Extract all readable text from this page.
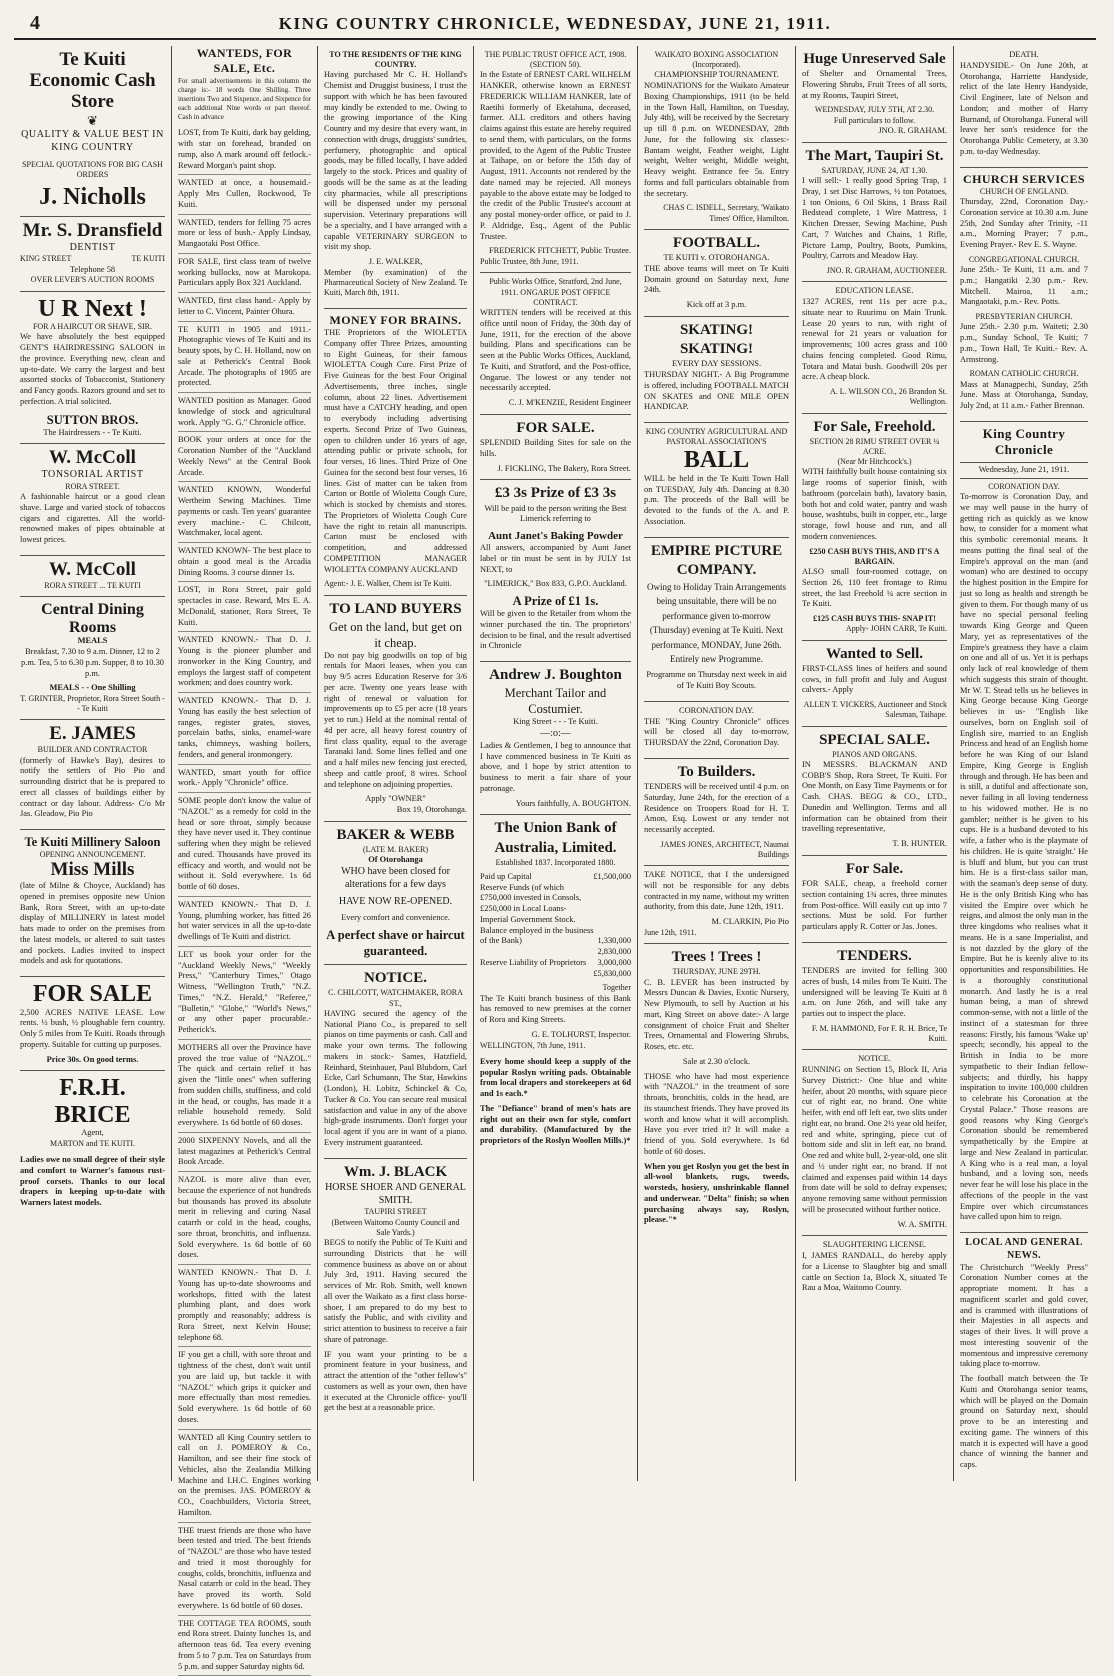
4	KING COUNTRY CHRONICLE, WEDNESDAY, JUNE 21, 1911.
Te Kuiti
Economic Cash Store
❦
QUALITY & VALUE BEST IN KING COUNTRY
SPECIAL QUOTATIONS FOR BIG CASH ORDERS
J. Nicholls
Mr. S. Dransfield
DENTIST
KING STREET	TE KUITI
Telephone 58
OVER LEVER'S AUCTION ROOMS
U R Next !
FOR A HAIRCUT OR SHAVE, SIR.

We have absolutely the best equipped GENT'S HAIRDRESSING SALOON in the province. Everything new, clean and up-to-date. We carry the largest and best assorted stocks of Tobacconist, Stationery and Fancy goods. Razors ground and set to perfection. A trial solicited.

SUTTON BROS.
The Hairdressers - - Te Kuiti.
W. McColl
TONSORIAL ARTIST
RORA STREET.

A fashionable haircut or a good clean shave. Large and varied stock of tobaccos cigars and cigarettes. All the world-renowned makes of pipes obtainable at lowest prices.

W. McColl
RORA STREET ... TE KUITI
Central Dining Rooms
MEALS

Breakfast, 7.30 to 9 a.m. Dinner, 12 to 2 p.m. Tea, 5 to 6.30 p.m. Supper, 8 to 10.30 p.m.

MEALS - - One Shilling
T. GRINTER, Proprietor, Rora Street South - - Te Kuiti
E. JAMES
BUILDER AND CONTRACTOR

(formerly of Hawke's Bay), desires to notify the settlers of Pio Pio and surrounding district that he is prepared to erect all classes of buildings either by contract or day labour. Address- C/o Mr Jas. Gleadow, Pio Pio

Te Kuiti Millinery Saloon
OPENING ANNOUNCEMENT.
Miss Mills

(late of Milne & Choyce, Auckland) has opened in premises opposite new Union Bank, Rora Street, with an up-to-date display of MILLINERY in latest model hats made to order on the premises from the latest models, or altered to suit tastes and pockets. Ladies invited to inspect models and ask for quotations.

FOR SALE

2,500 ACRES NATIVE LEASE. Low rents. ½ bush, ½ ploughable fern country. Only 5 miles from Te Kuiti. Roads through property. Suitable for cutting up purposes.

Price 30s. On good terms.
F.R.H. BRICE
Agent,
MARTON and TE KUITI.

Ladies owe no small degree of their style and comfort to Warner's famous rust-proof corsets. Thanks to our local drapers in keeping up-to-date with Warners latest models.

WANTEDS, FOR SALE, Etc.

For small advertisements in this column the charge is:- 18 words One Shilling. Three insertions Two and Sixpence, and Sixpence for each additional Nine words or part thereof. Cash in advance

LOST, from Te Kuiti, dark bay gelding, with star on forehead, branded on rump, also A mark around off fetlock.- Reward Morgan's paint shop.
WANTED at once, a housemaid.- Apply Mrs Cullen, Rockwood, Te Kuiti.
WANTED, tenders for felling 75 acres more or less of bush.- Apply Lindsay, Mangaotaki Post Office.
FOR SALE, first class team of twelve working bullocks, now at Marokopa. Particulars apply Box 321 Auckland.
WANTED, first class hand.- Apply by letter to C. Vincent, Painter Ohura.
TE KUITI in 1905 and 1911.- Photographic views of Te Kuiti and its beauty spots, by C. H. Holland, now on sale at Petherick's Central Book Arcade. The photographs of 1905 are protected.
WANTED position as Manager. Good knowledge of stock and agricultural work. Apply "G. G." Chronicle office.
BOOK your orders at once for the Coronation Number of the "Auckland Weekly News" at the Central Book Arcade.
WANTED KNOWN, Wonderful Wertheim Sewing Machines. Time payments or cash. Ten years' guarantee every machine.- C. Chilcott, Watchmaker, local agent.
WANTED KNOWN- The best place to obtain a good meal is the Arcadia Dining Rooms. 3 course dinner 1s.
LOST, in Rora Street, pair gold spectacles in case. Reward, Mrs E. A. McDonald, stationer, Rora Street, Te Kuiti.
WANTED KNOWN.- That D. J. Young is the pioneer plumber and ironworker in the King Country, and employs the largest staff of competent workmen; and does country work.
WANTED KNOWN.- That D. J. Young has easily the best selection of ranges, register grates, stoves, porcelain baths, sinks, enamel-ware tanks, chimneys, washing boilers, fenders, and general ironmongery.
WANTED, smart youth for office work.- Apply "Chronicle" office.
SOME people don't know the value of "NAZOL" as a remedy for cold in the head or sore throat, simply because they have never used it. They continue suffering when they might be relieved and cured. Thousands have proved its efficacy and worth, and would not be without it. Sold everywhere. 1s 6d bottle of 60 doses.
WANTED KNOWN.- That D. J. Young, plumbing worker, has fitted 26 hot water services in all the up-to-date dwellings of Te Kuiti and district.
LET us book your order for the "Auckland Weekly News," "Weekly Press," "Canterbury Times," Otago Witness, "Wellington Truth," "N.Z. Times," "N.Z. Herald," "Referee," "Bulletin," "Globe," "World's News," or any other paper procurable.- Petherick's.
MOTHERS all over the Province have proved the true value of "NAZOL." The quick and certain relief it has given the "little ones" when suffering from sudden chills, stuffiness, and cold in the head, or coughs, has made it a reliable household remedy. Sold everywhere. 1s 6d bottle of 60 doses.
2000 SIXPENNY Novels, and all the latest magazines at Petherick's Central Book Arcade.
NAZOL is more alive than ever, because the experience of not hundreds but thousands has proved its absolute merit in relieving and curing Nasal catarrh or cold in the head, coughs, sore throat, bronchitis, and influenza. Sold everywhere. 1s 6d bottle of 60 doses.
WANTED KNOWN.- That D. J. Young has up-to-date showrooms and workshops, fitted with the latest plumbing plant, and does work promptly and reasonably; address is Rora Street, next Kelvin House; telephone 68.
IF you get a chill, with sore throat and tightness of the chest, don't wait until you are laid up, but tackle it with "NAZOL" which grips it quicker and more effectually than most remedies. Sold everywhere. 1s 6d bottle of 60 doses.
WANTED all King Country settlers to call on J. POMEROY & Co., Hamilton, and see their fine stock of Vehicles, also the Zealandia Milking Machine and I.H.C. Engines working on the premises. JAS. POMEROY & CO., Coachbuilders, Victoria Street, Hamilton.
THE truest friends are those who have been tested and tried. The best friends of "NAZOL" are those who have tested and tried it most thoroughly for coughs, colds, bronchitis, influenza and Nasal catarrh or cold in the head. They have proved its worth. Sold everywhere. 1s 6d bottle of 60 doses.
THE COTTAGE TEA ROOMS, south end Rora street. Dainty lunches 1s, and afternoon teas 6d. Tea every evening from 5 to 7 p.m. Tea on Saturdays from 5 p.m. and supper Saturday nights 6d.
TO THE RESIDENTS OF THE KING COUNTRY.

Having purchased Mr C. H. Holland's Chemist and Druggist business, I trust the support with which he has been favoured may kindly be extended to me. Owing to the growing importance of the King Country and my desire that every want, in connection with drugs, druggists' sundries, perfumery, photographic and optical goods, may be filled locally, I have added largely to the stock. Prices and quality of goods will be the same as at the leading city pharmacies, while all prescriptions will be dispensed under my personal supervision. Veterinary preparations will be a specialty, and I have arranged with a capable VETERINARY SURGEON to visit my shop.

J. E. WALKER,

Member (by examination) of the Pharmaceutical Society of New Zealand. Te Kuiti, March 8th, 1911.

MONEY FOR BRAINS.

THE Proprietors of the WIOLETTA Company offer Three Prizes, amounting to Eight Guineas, for their famous WIOLETTA Cough Cure. First Prize of Five Guineas for the best Four Original Advertisements, three inches, single column, about 22 lines. Advertisement must have a CATCHY heading, and open to everybody including advertising experts. Second Prize of Two Guineas, open to children under 16 years of age, attending public or private schools, for four verses, 16 lines. Third Prize of One Guinea for the second best four verses, 16 lines. Gist of matter can be taken from Carton or Bottle of Wioletta Cough Cure, which is stocked by chemists and stores. The Proprietors of Wioletta Cough Cure have the right to retain all manuscripts. Carton must be enclosed with competition, and addressed COMPETITION MANAGER WIOLETTA COMPANY AUCKLAND

Agent:- J. E. Walker, Chem ist Te Kuiti.
TO LAND BUYERS
Get on the land, but get on it cheap.

Do not pay big goodwills on top of big rentals for Maori leases, when you can buy 9/5 acres Education Reserve for 3/6 per acre. Twenty one years lease with right of renewal or valuation for improvements up to £5 per acre (18 years yet to run.) Held at the nominal rental of 4d per acre, all heavy forest country of first class quality, equal to the average Taranaki land. Some lines felled and one and a half miles new fencing just erected, sheep and cattle proof, 8 wires. School and telephone on adjoining properties.

Apply "OWNER"
Box 19, Otorohanga.
BAKER & WEBB
(LATE M. BAKER)
Of Otorohanga

WHO have been closed for alterations for a few days

HAVE NOW RE-OPENED.
Every comfort and convenience.
A perfect shave or haircut guaranteed.
NOTICE.
C. CHILCOTT, WATCHMAKER, RORA ST.,

HAVING secured the agency of the National Piano Co., is prepared to sell pianos on time payments or cash. Call and make your own terms. The following makers in stock:- Sames, Hatzfield, Reinhard, Steinhauer, Paul Blubdorn, Carl Ecke, Carl Schumann, The Star, Hawkins (London), H. Lobitz, Schinckel & Co, Tucker & Co. You can secure real musical satisfaction and value in any of the above high-grade instruments. Don't forget your local agent if you are in want of a piano. Every instrument guaranteed.

Wm. J. BLACK
HORSE SHOER AND GENERAL SMITH.
TAUPIRI STREET
(Between Waitomo County Council and Sale Yards.)

BEGS to notify the Public of Te Kuiti and surrounding Districts that he will commence business as above on or about July 3rd, 1911. Having secured the services of Mr. Rob. Smith, well known all over the Waikato as a first class horse-shoer, I am prepared to do my best to satisfy the Public, and with civility and strict attention to business to receive a fair share of patronage.

IF you want your printing to be a prominent feature in your business, and attract the attention of the "other fellow's" customers as well as your own, then have it executed at the Chronicle office- you'll get the best at a reasonable price.

THE PUBLIC TRUST OFFICE ACT, 1908.
(SECTION 50).

In the Estate of ERNEST CARL WILHELM HANKER, otherwise known as ERNEST FREDERICK WILLIAM HANKER, late of Raetihi formerly of Eketahuna, deceased, farmer. ALL creditors and others having claims against this estate are hereby required to send them, with particulars, on the forms provided, to the Agent of the Public Trustee at Taihape, on or before the 15th day of August, 1911. Accounts not rendered by the date named may be rejected. All moneys payable to the above estate may be lodged to the credit of the Public Trustee's account at any postal money-order office, or paid to J. P. Aldridge, Esq., Agent of the Public Trustee.

FREDERICK FITCHETT, Public Trustee.
Public Trustee, 8th June, 1911.
Public Works Office, Stratford, 2nd June, 1911. ONGARUE POST OFFICE CONTRACT.

WRITTEN tenders will be received at this office until noon of Friday, the 30th day of June, 1911, for the erection of the above building. Plans and specifications can be seen at the Public Works Offices, Auckland, Te Kuiti, and Stratford, and the Post-office, Ongarue. The lowest or any tender not necessarily accepted.

C. J. M'KENZIE, Resident Engineer
FOR SALE.

SPLENDID Building Sites for sale on the hills.

J. FICKLING, The Bakery, Rora Street.
£3 3s Prize of £3 3s

Will be paid to the person writing the Best Limerick referring to

Aunt Janet's Baking Powder

All answers, accompanied by Aunt Janet label or tin must be sent in by JULY 1st NEXT, to

"LIMERICK," Box 833, G.P.O. Auckland.
A Prize of £1 1s.

Will be given to the Retailer from whom the winner purchased the tin. The proprietors' decision to be final, and the result advertised in Chronicle

Andrew J. Boughton
Merchant Tailor and Costumier.
King Street - - - Te Kuiti.
—:o:—

Ladies & Gentlemen, I beg to announce that I have commenced business in Te Kuiti as above, and I hope by strict attention to business to merit a fair share of your patronage.

Yours faithfully, A. BOUGHTON.
The Union Bank of Australia, Limited.
Established 1837. Incorporated 1880.
Paid up Capital	£1,500,000
Reserve Funds (of which £750,000 invested in Consols, £250,000 in Local Loans-Imperial Government Stock. Balance employed in the business of the Bank)	1,330,000
2,830,000
Reserve Liability of Proprietors 3,000,000
£5,830,000
Together

The Te Kuiti branch business of this Bank has removed to new premises at the corner of Rora and King Streets.

G. E. TOLHURST, Inspector.
WELLINGTON, 7th June, 1911.

Every home should keep a supply of the popular Roslyn writing pads. Obtainable from local drapers and storekeepers at 6d and 1s each.*

The "Defiance" brand of men's hats are right out on their own for style, comfort and durability. (Manufactured by the proprietors of the Roslyn Woollen Mills.)*

WAIKATO BOXING ASSOCIATION (Incorporated).
CHAMPIONSHIP TOURNAMENT.

NOMINATIONS for the Waikato Amateur Boxing Championships, 1911 (to be held in the Town Hall, Hamilton, on Tuesday, July 4th), will be received by the Secretary up till 8 p.m. on WEDNESDAY, 28th June, for the following six classes:- Bantam weight, Feather weight, Light weight, Welter weight, Middle weight, Heavy weight. Entrance fee 5s. Entry forms and full particulars obtainable from the secretary.

CHAS C. ISDELL, Secretary, 'Waikato Times' Office, Hamilton.
FOOTBALL.
TE KUITI v. OTOROHANGA.

THE above teams will meet on Te Kuiti Domain ground on Saturday next, June 24th.

Kick off at 3 p.m.
SKATING! SKATING!
EVERY DAY SESSIONS.

THURSDAY NIGHT.- A Big Programme is offered, including FOOTBALL MATCH ON SKATES and ONE MILE OPEN HANDICAP.

KING COUNTRY AGRICULTURAL AND PASTORAL ASSOCIATION'S
BALL

WILL be held in the Te Kuiti Town Hall on TUESDAY, July 4th. Dancing at 8.30 p.m. The proceeds of the Ball will be devoted to the funds of the A. and P. Association.

EMPIRE PICTURE COMPANY.

Owing to Holiday Train Arrangements being unsuitable, there will be no performance given to-morrow (Thursday) evening at Te Kuiti. Next performance, MONDAY, June 26th. Entirely new Programme.

Programme on Thursday next week in aid of Te Kuiti Boy Scouts.

CORONATION DAY.

THE "King Country Chronicle" offices will be closed all day to-morrow, THURSDAY the 22nd, Coronation Day.

To Builders.

TENDERS will be received until 4 p.m. on Saturday, June 24th, for the erection of a Residence on Troopers Road for H. T. Amon, Esq. Lowest or any tender not necessarily accepted.

JAMES JONES, ARCHITECT, Naumai Buildings

TAKE NOTICE, that I the undersigned will not be responsible for any debts contracted in my name, without my written authority, from this date, June 12th, 1911.

M. CLARKIN, Pio Pio
June 12th, 1911.
Trees ! Trees !
THURSDAY, JUNE 29TH.

C. B. LEVER has been instructed by Messrs Duncan & Davies, Exotic Nursery, New Plymouth, to sell by Auction at his mart, King Street on above date:- A large consignment of choice Fruit and Shelter Trees, Ornamental and Flowering Shrubs, Roses, etc. etc.

Sale at 2.30 o'clock.

THOSE who have had most experience with "NAZOL" in the treatment of sore throats, bronchitis, colds in the head, are its staunchest friends. They have proved its worth and know what it will accomplish. Have you ever tried it? It will make a friend of you. Sold everywhere. 1s 6d bottle of 60 doses.

When you get Roslyn you get the best in all-wool blankets, rugs, tweeds, worsteds, hosiery, unshrinkable flannel and underwear. "Delta" finish; so when purchasing always say, Roslyn, please."*

Huge Unreserved Sale

of Shelter and Ornamental Trees, Flowering Shrubs, Fruit Trees of all sorts, at my Rooms, Taupiri Street,

WEDNESDAY, JULY 5TH, AT 2.30.
Full particulars to follow.
JNO. R. GRAHAM.
The Mart, Taupiri St.
SATURDAY, JUNE 24, AT 1.30.

I will sell:- 1 really good Spring Trap, 1 Dray, 1 set Disc Harrows, ½ ton Potatoes, 1 ton Onions, 6 Oil Skins, 1 Brass Rail Bedstead complete, 1 Wire Mattress, 1 Kitchen Dresser, Sewing Machine, Push Cart, 7 Watches and Chains, 1 Rifle, Picture Lamp, Poultry, Boots, Pumkins, Poultry, Carrots and Meadow Hay.

JNO. R. GRAHAM, AUCTIONEER.
EDUCATION LEASE.

1327 ACRES, rent 11s per acre p.a., situate near to Ruurimu on Main Trunk. Lease 20 years to run, with right of renewal for 21 years or valuation for improvements; 100 acres grass and 100 chains fencing completed. Good Rimu, Totara and Matai bush. Goodwill 20s per acre. A cheap block.

A. L. WILSON CO., 26 Brandon St. Wellington.
For Sale, Freehold.
SECTION 28 RIMU STREET OVER ¼ ACRE.
(Near Mr Hitchcock's.)

WITH faithfully built house containing six large rooms of superior finish, with bathroom (porcelain bath), lavatory basin, both hot and cold water, pantry and wash house, washtubs, built in copper, etc., large storage, fowl house and run, and all modern conveniences.

£250 CASH BUYS THIS, AND IT'S A BARGAIN.

ALSO small four-roomed cottage, on Section 26, 110 feet frontage to Rimu street, the last Freehold ¼ acre section in Te Kuiti.

£125 CASH BUYS THIS- SNAP IT!
Apply- JOHN CARR, Te Kuiti.
Wanted to Sell.

FIRST-CLASS lines of heifers and sound cows, in full profit and July and August calvers.- Apply

ALLEN T. VICKERS, Auctioneer and Stock Salesman, Taihape.
SPECIAL SALE.
PIANOS AND ORGANS.

IN MESSRS. BLACKMAN AND COBB'S Shop, Rora Street, Te Kuiti. For One Month, on Easy Time Payments or for Cash. CHAS. BEGG & CO., LTD., Dunedin and Wellington. Terms and all information can be obtained from their travelling representative,

T. B. HUNTER.
For Sale.

FOR SALE, cheap, a freehold corner section containing 1¾ acres, three minutes from Post-office. Will easily cut up into 7 sections. Must be sold. For further particulars apply R. Cotter or Jas. Jones.

TENDERS.

TENDERS are invited for felling 300 acres of bush, 14 miles from Te Kuiti. The undersigned will be leaving Te Kuiti at 8 a.m. on June 26th, and will take any parties out to inspect the place.

F. M. HAMMOND, For F. R. H. Brice, Te Kuiti.
NOTICE.

RUNNING on Section 15, Block II, Aria Survey District:- One blue and white heifer, about 20 months, with square piece cut of right ear, no brand. One white heifer, with end off left ear, two slits under right ear, no brand. One 2½ year old heifer, red and white, springing, piece cut of bottom side and slit in left ear, no brand. One red and white bull, 2-year-old, one slit and ½ under right ear, no brand. If not claimed and expenses paid within 14 days from date will be sold to defray expenses; anyone removing same without permission will be prosecuted without further notice.

W. A. SMITH.
SLAUGHTERING LICENSE.

I, JAMES RANDALL, do hereby apply for a License to Slaughter big and small cattle on Section 1a, Block X, situated Te Rau a Moa, Waitomo County.

DEATH.

HANDYSIDE.- On June 20th, at Otorohanga, Harriette Handyside, relict of the late Henry Handyside, Civil Engineer, late of Nelson and London; and mother of Harry Burnand, of Otorohanga. Funeral will leave her son's residence for the Otorohanga Public Cemetery, at 3.30 p.m. to-day Wednesday.

CHURCH SERVICES
CHURCH OF ENGLAND.

Thursday, 22nd, Coronation Day.- Coronation service at 10.30 a.m. June 25th, 2nd Sunday after Trinity, -11 a.m., Morning Prayer; 7 p.m., Evening Prayer.- Rev E. S. Wayne.

CONGREGATIONAL CHURCH.

June 25th.- Te Kuiti, 11 a.m. and 7 p.m.; Hangatiki 2.30 p.m.- Rev. Mitchell. Mairoa, 11 a.m.; Mangaotaki, p.m.- Rev. Potts.

PRESBYTERIAN CHURCH.

June 25th.- 2.30 p.m. Waiteti; 2.30 p.m., Sunday School, Te Kuiti; 7 p.m., Town Hall, Te Kuiti.- Rev. A. Armstrong.

ROMAN CATHOLIC CHURCH.

Mass at Managpechi, Sunday, 25th June. Mass at Otorohanga, Sunday, July 2nd, at 11 a.m.- Father Brennan.

King Country Chronicle
Wednesday, June 21, 1911.
CORONATION DAY.

To-morrow is Coronation Day, and we may well pause in the hurry of getting rich as quickly as we know how, to consider for a moment what this symbolic ceremonial means. It means putting the final seal of the Empire's approval on the man (and woman) who are destined to occupy the highest position in the Empire for just so long as health and strength be given to them. For though many of us have no special personal feeling towards King George and Queen Mary, yet as representatives of the Empire's greatness they have a claim on one and all of us. Yet it is perhaps only lack of real knowledge of them which suggests this strain of thought. Mr W. T. Stead tells us he believes in King George because King George believes in us- "English like ourselves, born on English soil of English sire, married to an English Princess and head of an English home before he was King of our Island Empire, King George is English through and through. He has been and is still, a dutiful and affectionate son, never failing in all loving tenderness to his widowed mother. He is no gambler; neither is he given to his cups. He is a husband devoted to his wife, a father who is the playmate of his children. He is quite 'straight.' He is bluff and blunt, but you can trust him. He is a first-class sailor man, with the seaman's deep sense of duty. He is the only British King who has visited the Empire over which he reigns, and almost the only man in the three kingdoms who realises what it means. He is a sane Imperialist, and is not dazzled by the glory of the Empire. But he is keenly alive to its opportunities and responsibilities. He is a thoroughly constitutional monarch. And lastly he is a real human being, a man of shrewd common-sense, with not a little of the instinct of a statesman for three reasons: Firstly, his famous 'Wake up' speech; secondly, his appeal to the British in India to be more sympathetic to their Indian fellow-subjects; and thirdly, his happy inspiration to invite 100,000 children to celebrate his Coronation at the Crystal Palace." Those reasons are good reasons why King George's Coronation should be remembered sympathetically by the Empire at large and New Zealand in particular. A King who is a real man, a loyal husband, and a loving son, needs never fear he will lose his place in the affections of the people in the vast Empire over which circumstances have called upon him to reign.

LOCAL AND GENERAL NEWS.

The Christchurch "Weekly Press" Coronation Number comes at the appropriate moment. It has a magnificent scarlet and gold cover, and is crammed with illustrations of their Majesties in all aspects and stages of their lives. It will prove a most interesting souvenir of the momentous and impressive ceremony taking place to-morrow.

The football match between the Te Kuiti and Otorohanga senior teams, which will be played on the Domain ground on Saturday next, should prove to be an interesting and exciting game. The winners of this match it is expected will have a good chance of winning the banner and caps.
